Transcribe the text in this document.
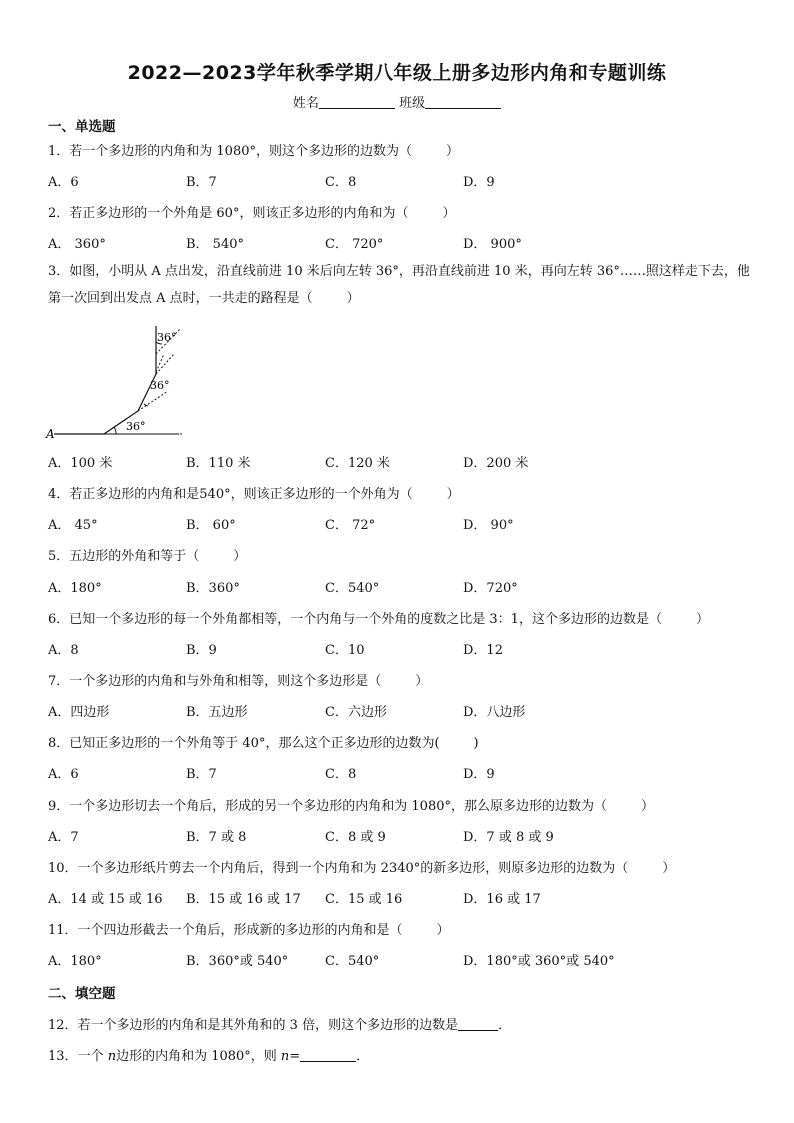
2022—2023学年秋季学期八年级上册多边形内角和专题训练
姓名	班级
一、单选题
1．若一个多边形的内角和为 1080°，则这个多边形的边数为（	）
A．6	B．7	C．8	D．9
2．若正多边形的一个外角是 60°，则该正多边形的内角和为（	）
A． 360°	B． 540°	C． 720°	D． 900°
3．如图，小明从 A 点出发，沿直线前进 10 米后向左转 36°，再沿直线前进 10 米，再向左转 36°……照这样走下去，他第一次回到出发点 A 点时，一共走的路程是（	）
A
36°
36°
36°
A．100 米	B．110 米	C．120 米	D．200 米
4．若正多边形的内角和是540°，则该正多边形的一个外角为（	）
A． 45°	B． 60°	C． 72°	D． 90°
5．五边形的外角和等于（	）
A．180°	B．360°	C．540°	D．720°
6．已知一个多边形的每一个外角都相等，一个内角与一个外角的度数之比是 3：1，这个多边形的边数是（	）
A．8	B．9	C．10	D．12
7．一个多边形的内角和与外角和相等，则这个多边形是（	）
A．四边形	B．五边形	C．六边形	D．八边形
8．已知正多边形的一个外角等于 40°，那么这个正多边形的边数为(	)
A．6	B．7	C．8	D．9
9．一个多边形切去一个角后，形成的另一个多边形的内角和为 1080°，那么原多边形的边数为（	）
A．7	B．7 或 8	C．8 或 9	D．7 或 8 或 9
10．一个多边形纸片剪去一个内角后，得到一个内角和为 2340°的新多边形，则原多边形的边数为（	）
A．14 或 15 或 16 B．15 或 16 或 17 C．15 或 16	D．16 或 17
11．一个四边形截去一个角后，形成新的多边形的内角和是（	）
A．180°	B．360°或 540°	C．540°	D．180°或 360°或 540°
二、填空题
12．若一个多边形的内角和是其外角和的 3 倍，则这个多边形的边数是	．
13．一个 n边形的内角和为 1080°，则 n=	．
